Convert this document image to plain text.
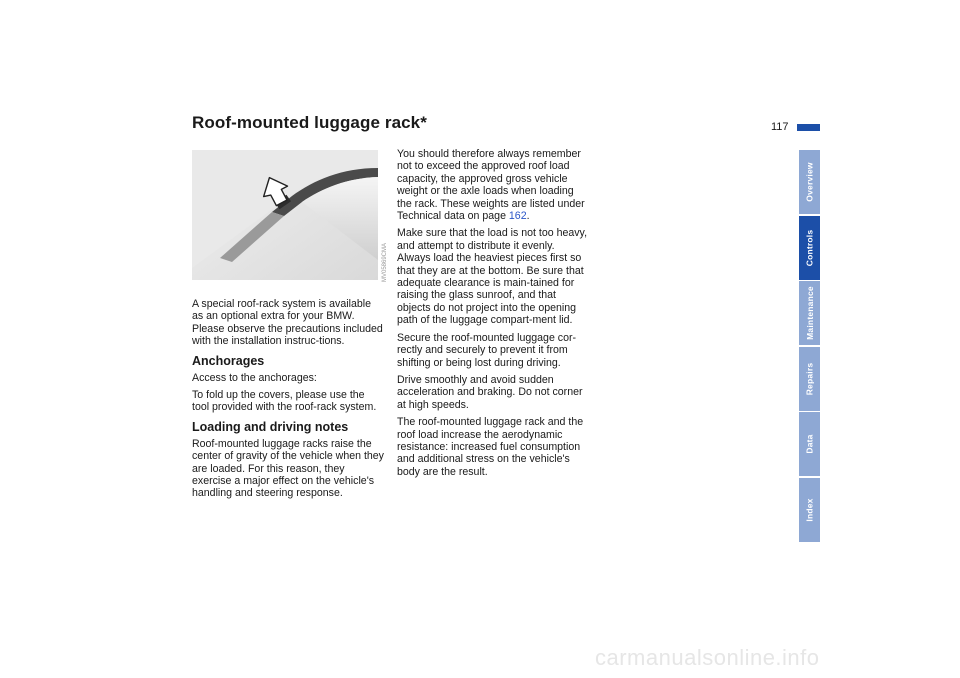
Roof-mounted luggage rack*	117
MV05869CMA

A special roof-rack system is available as an optional extra for your BMW. Please observe the precautions included with the installation instruc-tions.

Anchorages

Access to the anchorages:

To fold up the covers, please use the tool provided with the roof-rack system.

Loading and driving notes

Roof-mounted luggage racks raise the center of gravity of the vehicle when they are loaded. For this reason, they exercise a major effect on the vehicle's handling and steering response.

You should therefore always remember not to exceed the approved roof load capacity, the approved gross vehicle weight or the axle loads when loading the rack. These weights are listed under Technical data on page 162.

Make sure that the load is not too heavy, and attempt to distribute it evenly. Always load the heaviest pieces first so that they are at the bottom. Be sure that adequate clearance is main-tained for raising the glass sunroof, and that objects do not project into the opening path of the luggage compart-ment lid.

Secure the roof-mounted luggage cor-rectly and securely to prevent it from shifting or being lost during driving.

Drive smoothly and avoid sudden acceleration and braking. Do not corner at high speeds.

The roof-mounted luggage rack and the roof load increase the aerodynamic resistance: increased fuel consumption and additional stress on the vehicle's body are the result.

Overview
Controls
Maintenance
Repairs
Data
Index
carmanualsonline.info
